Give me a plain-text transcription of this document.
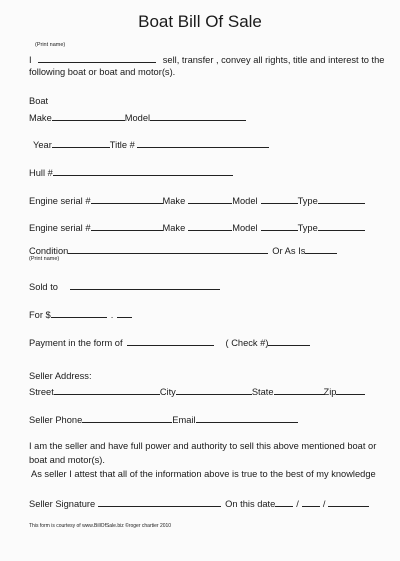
Boat Bill Of Sale
(Print name)
I	sell, transfer , convey all rights, title and interest to the
following boat or boat and motor(s).
Boat
Make	Model
Year	Title #
Hull #
Engine serial #	Make	Model	Type
Engine serial #	Make	Model	Type
Condition	Or As Is
(Print name)
Sold to
For $	.
Payment in the form of	( Check #)
Seller Address:
Street	City	State	Zip
Seller Phone	Email
I am the seller and have full power and authority to sell this above mentioned boat or
boat and motor(s).
As seller I attest that all of the information above is true to the best of my knowledge
Seller Signature	On this date /	/
This form is courtesy of www.BillOfSale.biz ©roger chartier 2010
